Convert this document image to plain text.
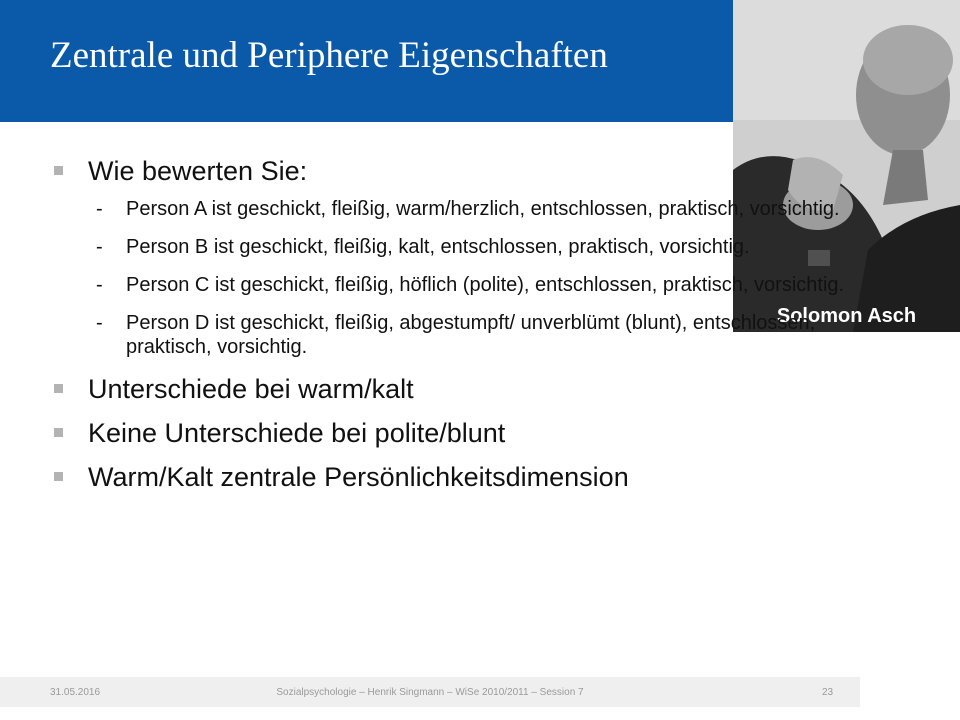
Zentrale und Periphere Eigenschaften
Solomon Asch
Wie bewerten Sie:
- Person A ist geschickt, fleißig, warm/herzlich, entschlossen, praktisch, vorsichtig.
- Person B ist geschickt, fleißig, kalt, entschlossen, praktisch, vorsichtig.
- Person C ist geschickt, fleißig, höflich (polite), entschlossen, praktisch, vorsichtig.
- Person D ist geschickt, fleißig, abgestumpft/ unverblümt (blunt), entschlossen, praktisch, vorsichtig.
Unterschiede bei warm/kalt
Keine Unterschiede bei polite/blunt
Warm/Kalt zentrale Persönlichkeitsdimension
31.05.2016	Sozialpsychologie – Henrik Singmann – WiSe 2010/2011 – Session 7	23
